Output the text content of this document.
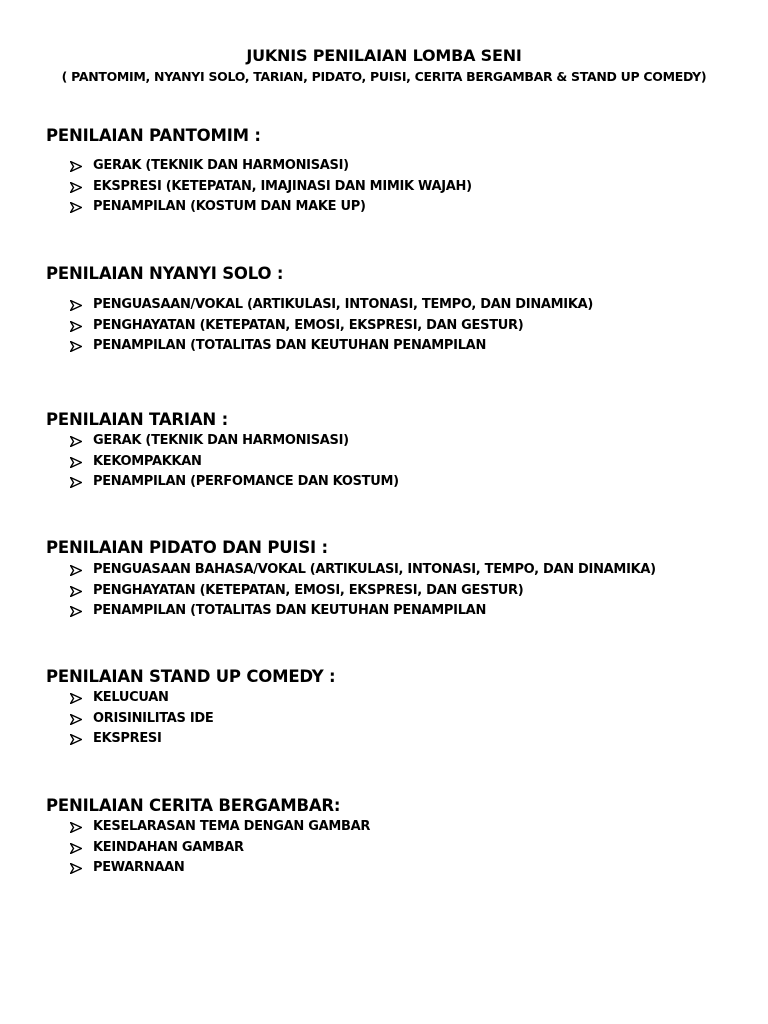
JUKNIS PENILAIAN LOMBA SENI
( PANTOMIM, NYANYI SOLO, TARIAN, PIDATO, PUISI, CERITA BERGAMBAR & STAND UP COMEDY)
PENILAIAN PANTOMIM :
GERAK (TEKNIK DAN HARMONISASI)
EKSPRESI (KETEPATAN, IMAJINASI DAN MIMIK WAJAH)
PENAMPILAN (KOSTUM DAN MAKE UP)
PENILAIAN NYANYI SOLO :
PENGUASAAN/VOKAL (ARTIKULASI, INTONASI, TEMPO, DAN DINAMIKA)
PENGHAYATAN (KETEPATAN, EMOSI, EKSPRESI, DAN GESTUR)
PENAMPILAN (TOTALITAS DAN KEUTUHAN PENAMPILAN
PENILAIAN TARIAN :
GERAK (TEKNIK DAN HARMONISASI)
KEKOMPAKKAN
PENAMPILAN (PERFOMANCE DAN KOSTUM)
PENILAIAN PIDATO DAN PUISI :
PENGUASAAN BAHASA/VOKAL (ARTIKULASI, INTONASI, TEMPO, DAN DINAMIKA)
PENGHAYATAN (KETEPATAN, EMOSI, EKSPRESI, DAN GESTUR)
PENAMPILAN (TOTALITAS DAN KEUTUHAN PENAMPILAN
PENILAIAN STAND UP COMEDY :
KELUCUAN
ORISINILITAS IDE
EKSPRESI
PENILAIAN CERITA BERGAMBAR:
KESELARASAN TEMA DENGAN GAMBAR
KEINDAHAN GAMBAR
PEWARNAAN
